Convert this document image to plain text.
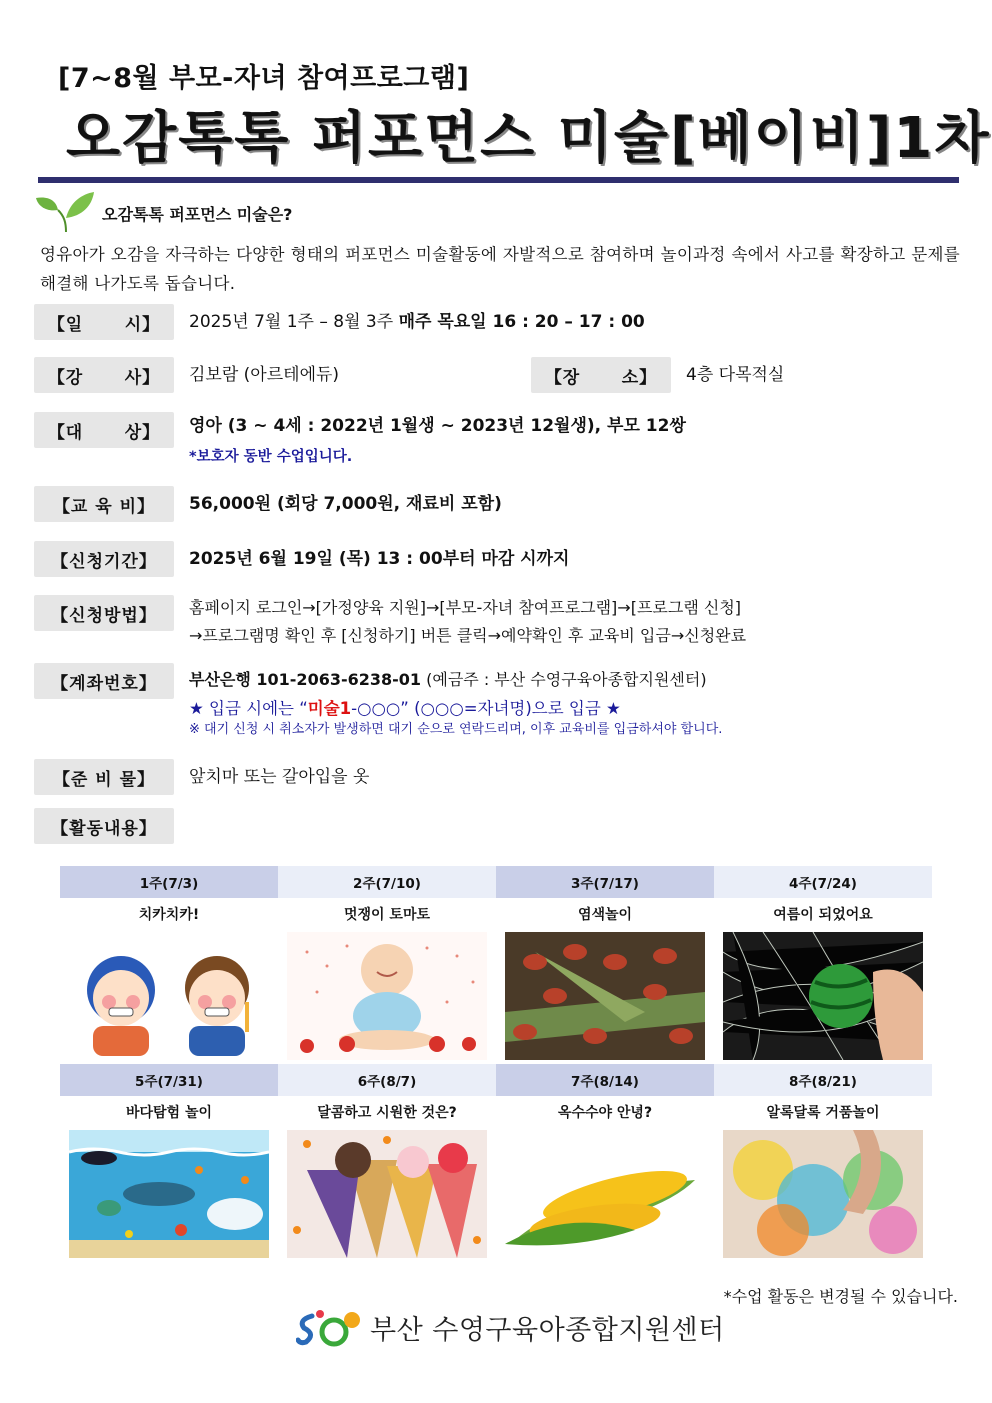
[7~8월 부모-자녀 참여프로그램]
오감톡톡 퍼포먼스 미술[베이비]1차
오감톡톡 퍼포먼스 미술은?
영유아가 오감을 자극하는 다양한 형태의 퍼포먼스 미술활동에 자발적으로 참여하며 놀이과정 속에서 사고를 확장하고 문제를 해결해 나가도록 돕습니다.
【일      시】	2025년 7월 1주 – 8월 3주 매주 목요일 16 : 20 – 17 : 00
【강      사】	김보람 (아르테에듀)	【장      소】	4층 다목적실
【대      상】	영아 (3 ~ 4세 : 2022년 1월생 ~ 2023년 12월생), 부모 12쌍
*보호자 동반 수업입니다.
【교 육 비】	56,000원 (회당 7,000원, 재료비 포함)
【신청기간】	2025년 6월 19일 (목) 13 : 00부터 마감 시까지
【신청방법】	홈페이지 로그인→[가정양육 지원]→[부모-자녀 참여프로그램]→[프로그램 신청]
→프로그램명 확인 후 [신청하기] 버튼 클릭→예약확인 후 교육비 입금→신청완료
【계좌번호】	부산은행 101-2063-6238-01 (예금주 : 부산 수영구육아종합지원센터)
★ 입금 시에는 “미술1-○○○” (○○○=자녀명)으로 입금 ★
※ 대기 신청 시 취소자가 발생하면 대기 순으로 연락드리며, 이후 교육비를 입금하셔야 합니다.
【준 비 물】	앞치마 또는 갈아입을 옷
【활동내용】
1주(7/3)	2주(7/10)	3주(7/17)	4주(7/24)
치카치카!	멋쟁이 토마토	염색놀이	여름이 되었어요
5주(7/31)	6주(8/7)	7주(8/14)	8주(8/21)
바다탐험 놀이	달콤하고 시원한 것은?	옥수수야 안녕?	알록달록 거품놀이
*수업 활동은 변경될 수 있습니다.
부산 수영구육아종합지원센터
